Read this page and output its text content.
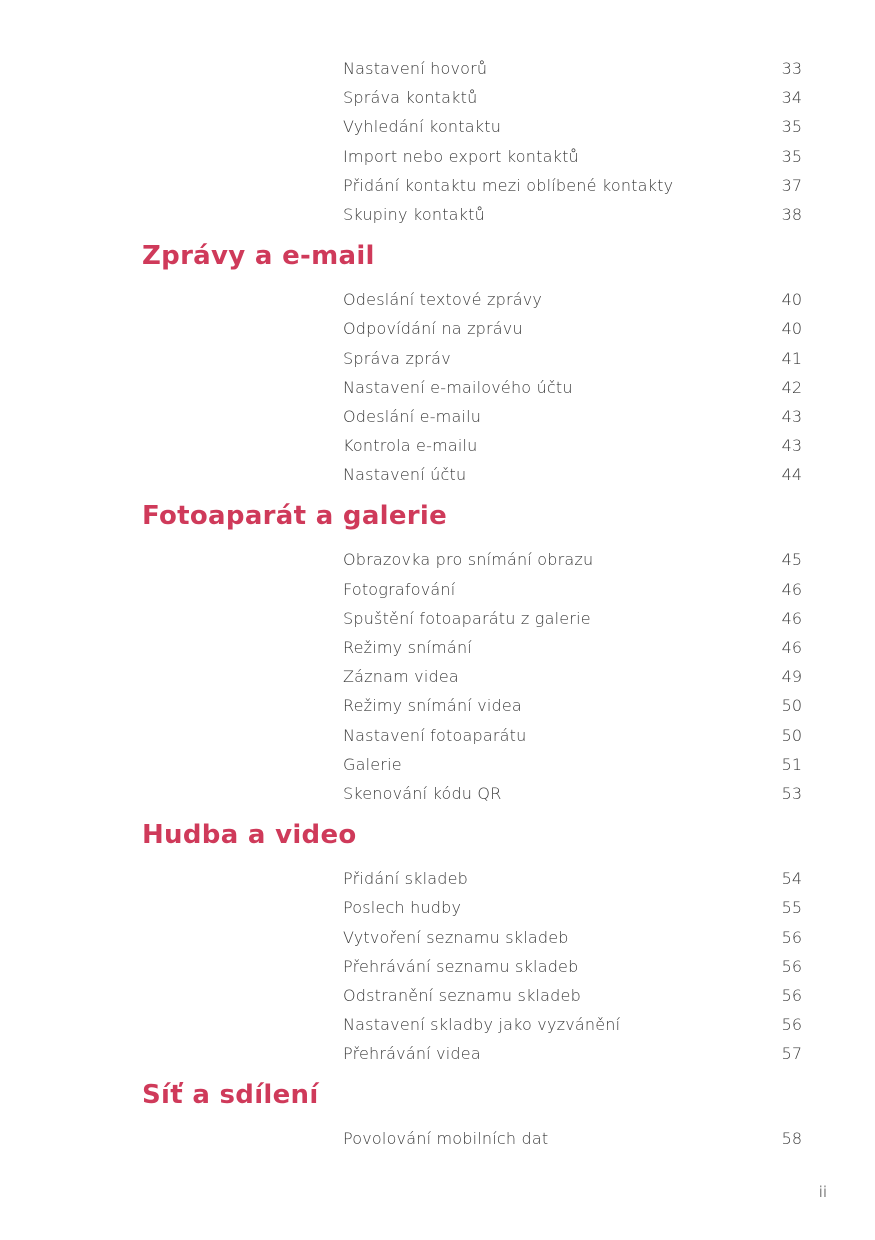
Nastavení hovorů	33
Správa kontaktů	34
Vyhledání kontaktu	35
Import nebo export kontaktů	35
Přidání kontaktu mezi oblíbené kontakty	37
Skupiny kontaktů	38
Zprávy a e-mail
Odeslání textové zprávy	40
Odpovídání na zprávu	40
Správa zpráv	41
Nastavení e-mailového účtu	42
Odeslání e-mailu	43
Kontrola e-mailu	43
Nastavení účtu	44
Fotoaparát a galerie
Obrazovka pro snímání obrazu	45
Fotografování	46
Spuštění fotoaparátu z galerie	46
Režimy snímání	46
Záznam videa	49
Režimy snímání videa	50
Nastavení fotoaparátu	50
Galerie	51
Skenování kódu QR	53
Hudba a video
Přidání skladeb	54
Poslech hudby	55
Vytvoření seznamu skladeb	56
Přehrávání seznamu skladeb	56
Odstranění seznamu skladeb	56
Nastavení skladby jako vyzvánění	56
Přehrávání videa	57
Síť a sdílení
Povolování mobilních dat	58
ii
